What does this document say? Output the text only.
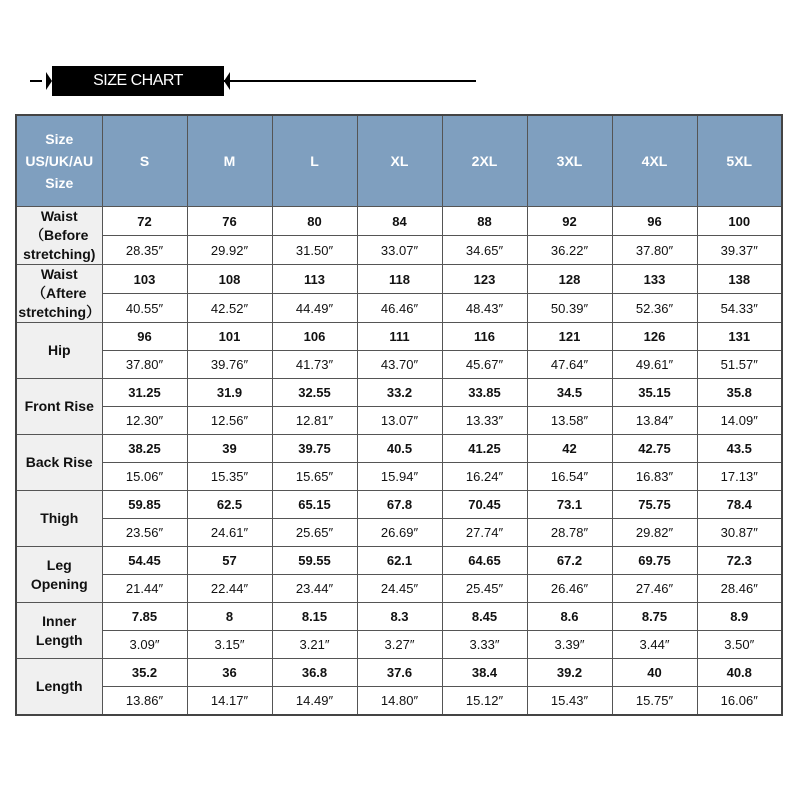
SIZE CHART
Size
US/UK/AU
Size	S	M	L	XL	2XL	3XL	4XL	5XL

Waist
（Before
stretching)	72	76	80	84	88	92	96	100
	28.35″	29.92″	31.50″	33.07″	34.65″	36.22″	37.80″	39.37″

Waist
（Aftere
stretching）	103	108	113	118	123	128	133	138
	40.55″	42.52″	44.49″	46.46″	48.43″	50.39″	52.36″	54.33″

Hip	96	101	106	111	116	121	126	131
	37.80″	39.76″	41.73″	43.70″	45.67″	47.64″	49.61″	51.57″

Front Rise	31.25	31.9	32.55	33.2	33.85	34.5	35.15	35.8
	12.30″	12.56″	12.81″	13.07″	13.33″	13.58″	13.84″	14.09″

Back Rise	38.25	39	39.75	40.5	41.25	42	42.75	43.5
	15.06″	15.35″	15.65″	15.94″	16.24″	16.54″	16.83″	17.13″

Thigh	59.85	62.5	65.15	67.8	70.45	73.1	75.75	78.4
	23.56″	24.61″	25.65″	26.69″	27.74″	28.78″	29.82″	30.87″

Leg
Opening	54.45	57	59.55	62.1	64.65	67.2	69.75	72.3
	21.44″	22.44″	23.44″	24.45″	25.45″	26.46″	27.46″	28.46″

Inner
Length	7.85	8	8.15	8.3	8.45	8.6	8.75	8.9
	3.09″	3.15″	3.21″	3.27″	3.33″	3.39″	3.44″	3.50″

Length	35.2	36	36.8	37.6	38.4	39.2	40	40.8
	13.86″	14.17″	14.49″	14.80″	15.12″	15.43″	15.75″	16.06″
